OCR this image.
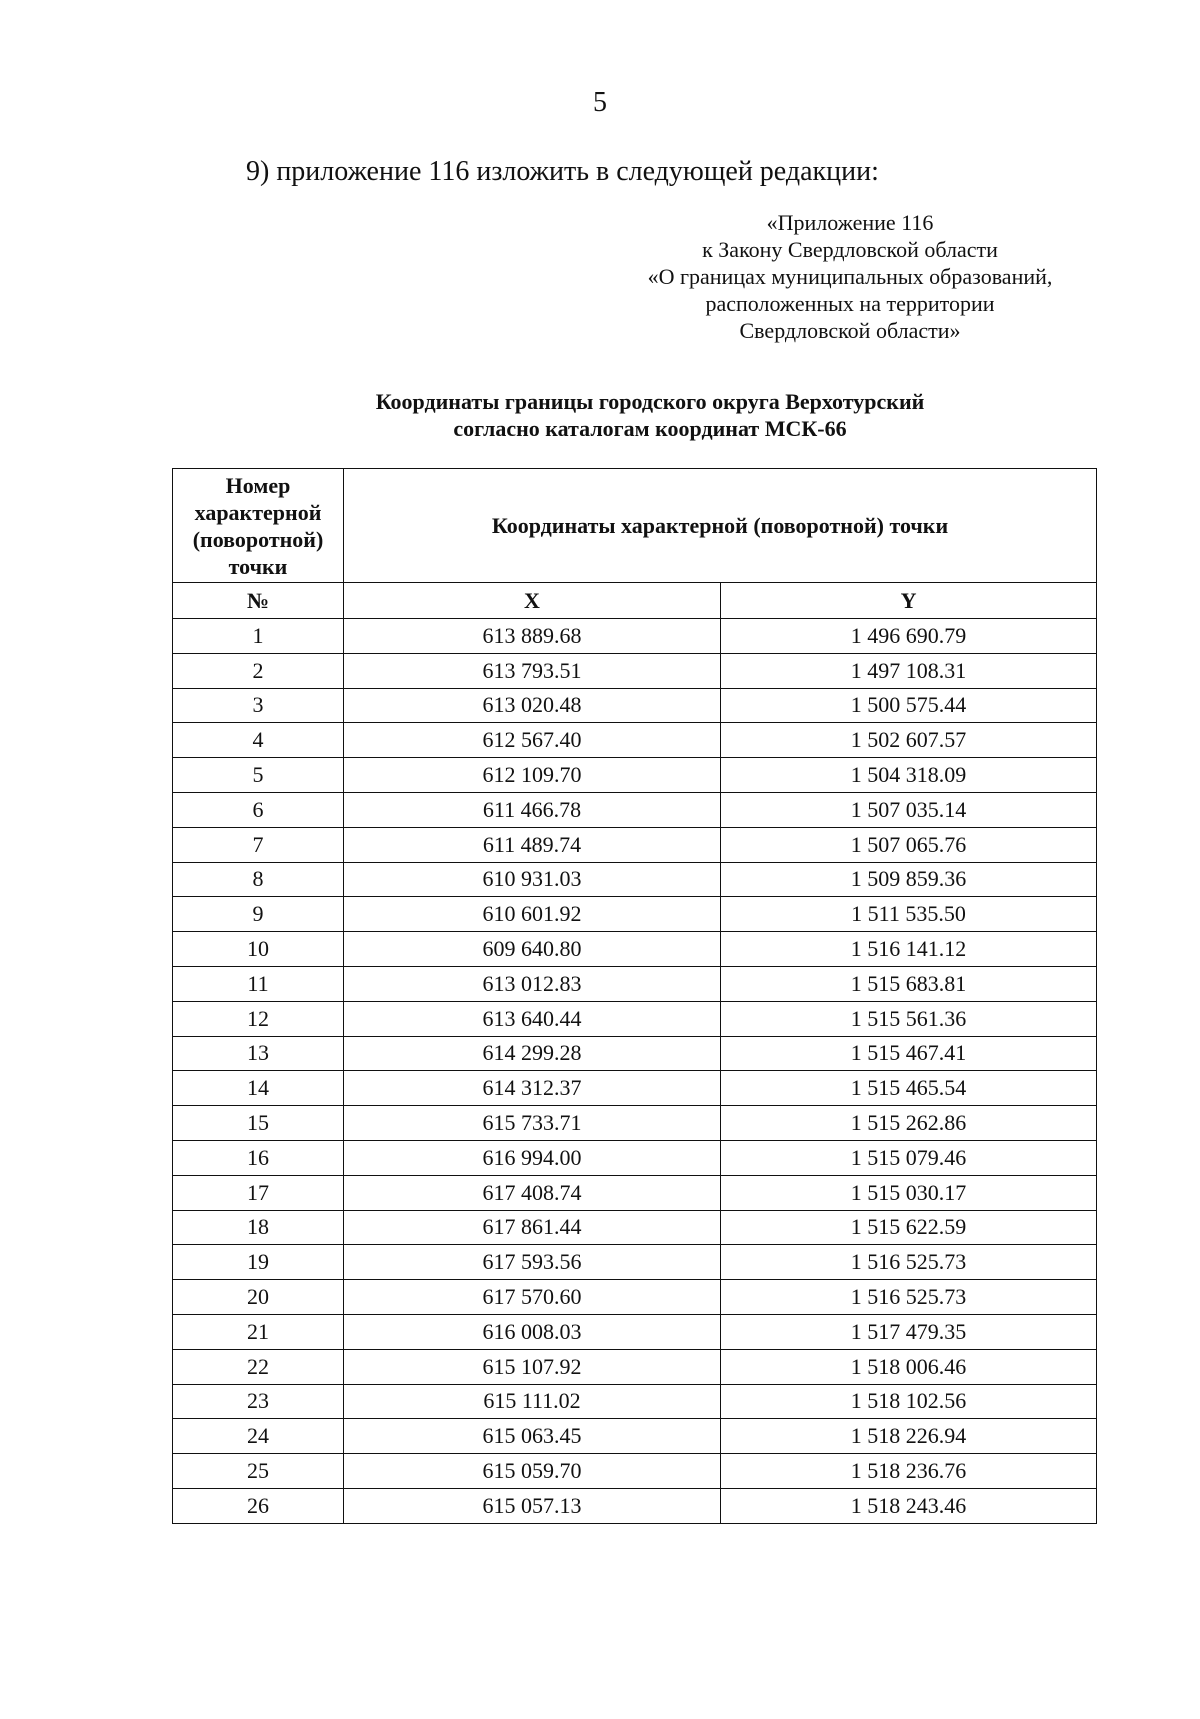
5
9) приложение 116 изложить в следующей редакции:
«Приложение 116
к Закону Свердловской области
«О границах муниципальных образований,
расположенных на территории
Свердловской области»
Координаты границы городского округа Верхотурский
согласно каталогам координат МСК-66
Номер
характерной
(поворотной)
точки	Координаты характерной (поворотной) точки	
№	X	Y
1	613 889.68	1 496 690.79
2	613 793.51	1 497 108.31
3	613 020.48	1 500 575.44
4	612 567.40	1 502 607.57
5	612 109.70	1 504 318.09
6	611 466.78	1 507 035.14
7	611 489.74	1 507 065.76
8	610 931.03	1 509 859.36
9	610 601.92	1 511 535.50
10	609 640.80	1 516 141.12
11	613 012.83	1 515 683.81
12	613 640.44	1 515 561.36
13	614 299.28	1 515 467.41
14	614 312.37	1 515 465.54
15	615 733.71	1 515 262.86
16	616 994.00	1 515 079.46
17	617 408.74	1 515 030.17
18	617 861.44	1 515 622.59
19	617 593.56	1 516 525.73
20	617 570.60	1 516 525.73
21	616 008.03	1 517 479.35
22	615 107.92	1 518 006.46
23	615 111.02	1 518 102.56
24	615 063.45	1 518 226.94
25	615 059.70	1 518 236.76
26	615 057.13	1 518 243.46
